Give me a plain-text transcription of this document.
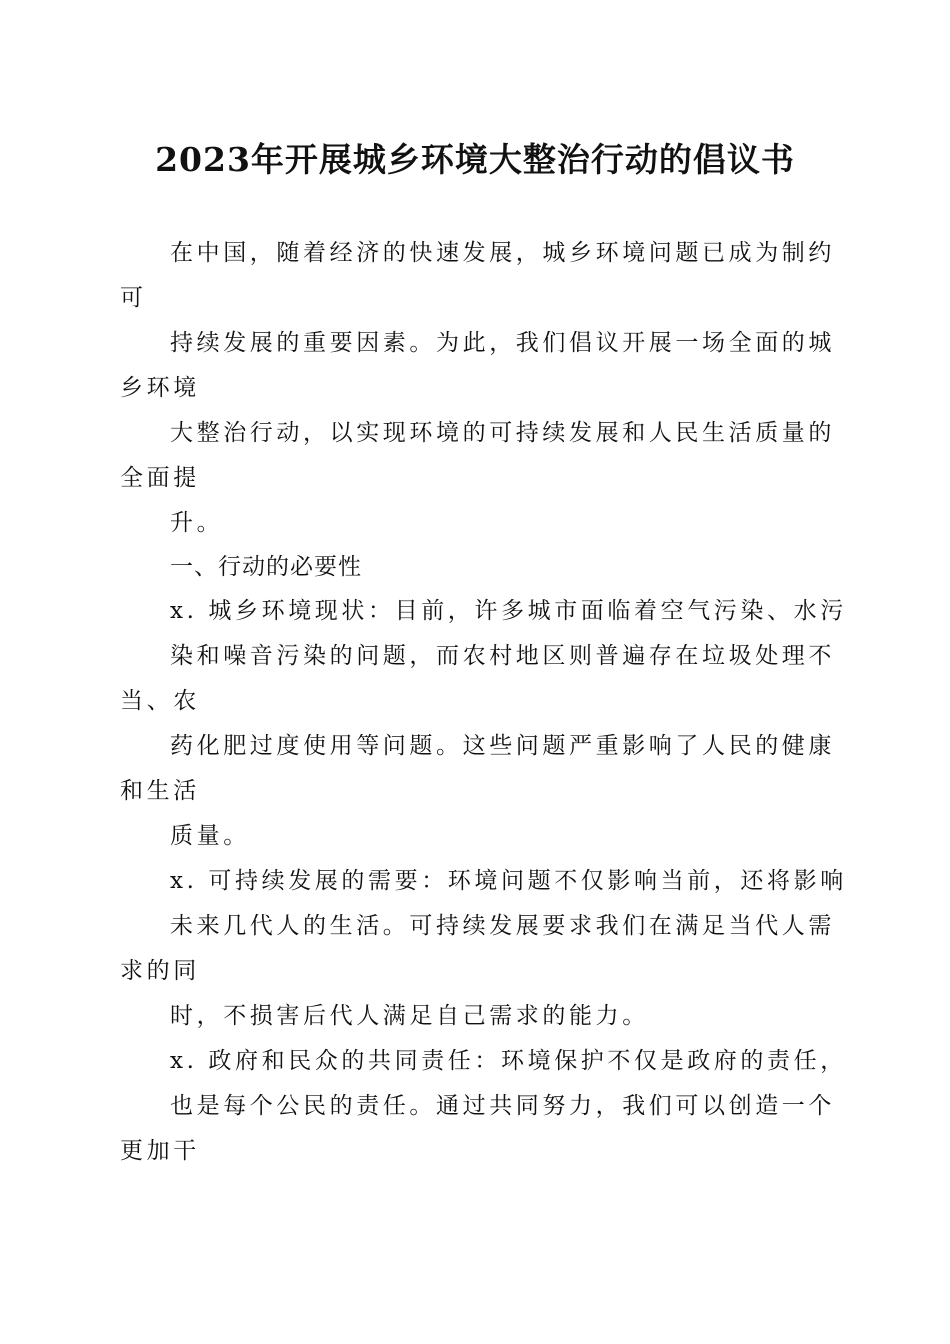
2023年开展城乡环境大整治行动的倡议书
在中国，随着经济的快速发展，城乡环境问题已成为制约
可
持续发展的重要因素。为此，我们倡议开展一场全面的城
乡环境
大整治行动，以实现环境的可持续发展和人民生活质量的
全面提
升。
一、行动的必要性
x. 城乡环境现状：目前，许多城市面临着空气污染、水污
染和噪音污染的问题，而农村地区则普遍存在垃圾处理不
当、农
药化肥过度使用等问题。这些问题严重影响了人民的健康
和生活
质量。
x. 可持续发展的需要：环境问题不仅影响当前，还将影响
未来几代人的生活。可持续发展要求我们在满足当代人需
求的同
时，不损害后代人满足自己需求的能力。
x. 政府和民众的共同责任：环境保护不仅是政府的责任，
也是每个公民的责任。通过共同努力，我们可以创造一个
更加干
